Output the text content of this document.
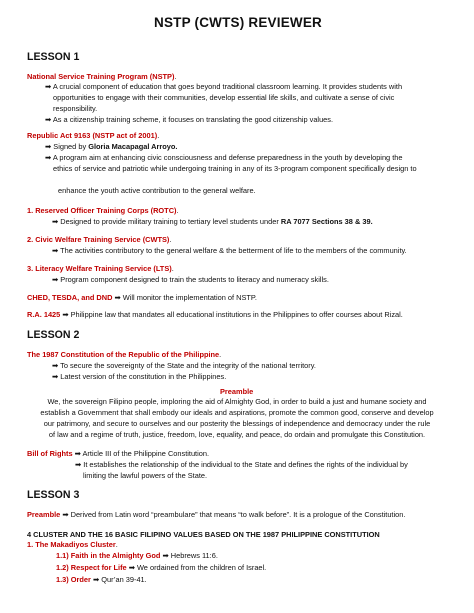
NSTP (CWTS) REVIEWER
LESSON 1
National Service Training Program (NSTP).
➡ A crucial component of education that goes beyond traditional classroom learning. It provides students with
opportunities to engage with their communities, develop essential life skills, and cultivate a sense of civic
responsibility.
➡ As a citizenship training scheme, it focuses on translating the good citizenship values.
Republic Act 9163 (NSTP act of 2001).
➡ Signed by Gloria Macapagal Arroyo.
➡ A program aim at enhancing civic consciousness and defense preparedness in the youth by developing the
ethics of service and patriotic while undergoing training in any of its 3-program component specifically design to
enhance the youth active contribution to the general welfare.
1. Reserved Officer Training Corps (ROTC).
➡ Designed to provide military training to tertiary level students under RA 7077 Sections 38 & 39.
2. Civic Welfare Training Service (CWTS).
➡ The activities contributory to the general welfare & the betterment of life to the members of the community.
3. Literacy Welfare Training Service (LTS).
➡ Program component designed to train the students to literacy and numeracy skills.
CHED, TESDA, and DND ➡ Will monitor the implementation of NSTP.
R.A. 1425 ➡ Philippine law that mandates all educational institutions in the Philippines to offer courses about Rizal.
LESSON 2
The 1987 Constitution of the Republic of the Philippine.
➡ To secure the sovereignty of the State and the integrity of the national territory.
➡ Latest version of the constitution in the Philippines.
Preamble
We, the sovereign Filipino people, imploring the aid of Almighty God, in order to build a just and humane society and
establish a Government that shall embody our ideals and aspirations, promote the common good, conserve and develop
our patrimony, and secure to ourselves and our posterity the blessings of independence and democracy under the rule
of law and a regime of truth, justice, freedom, love, equality, and peace, do ordain and promulgate this Constitution.
Bill of Rights ➡ Article III of the Philippine Constitution.
➡ It establishes the relationship of the individual to the State and defines the rights of the individual by
limiting the lawful powers of the State.
LESSON 3
Preamble ➡ Derived from Latin word “preambulare” that means “to walk before”. It is a prologue of the Constitution.
4 CLUSTER AND THE 16 BASIC FILIPINO VALUES BASED ON THE 1987 PHILIPPINE CONSTITUTION
1. The Makadiyos Cluster.
1.1) Faith in the Almighty God ➡ Hebrews 11:6.
1.2) Respect for Life ➡ We ordained from the children of Israel.
1.3) Order ➡ Qur’an 39-41.
